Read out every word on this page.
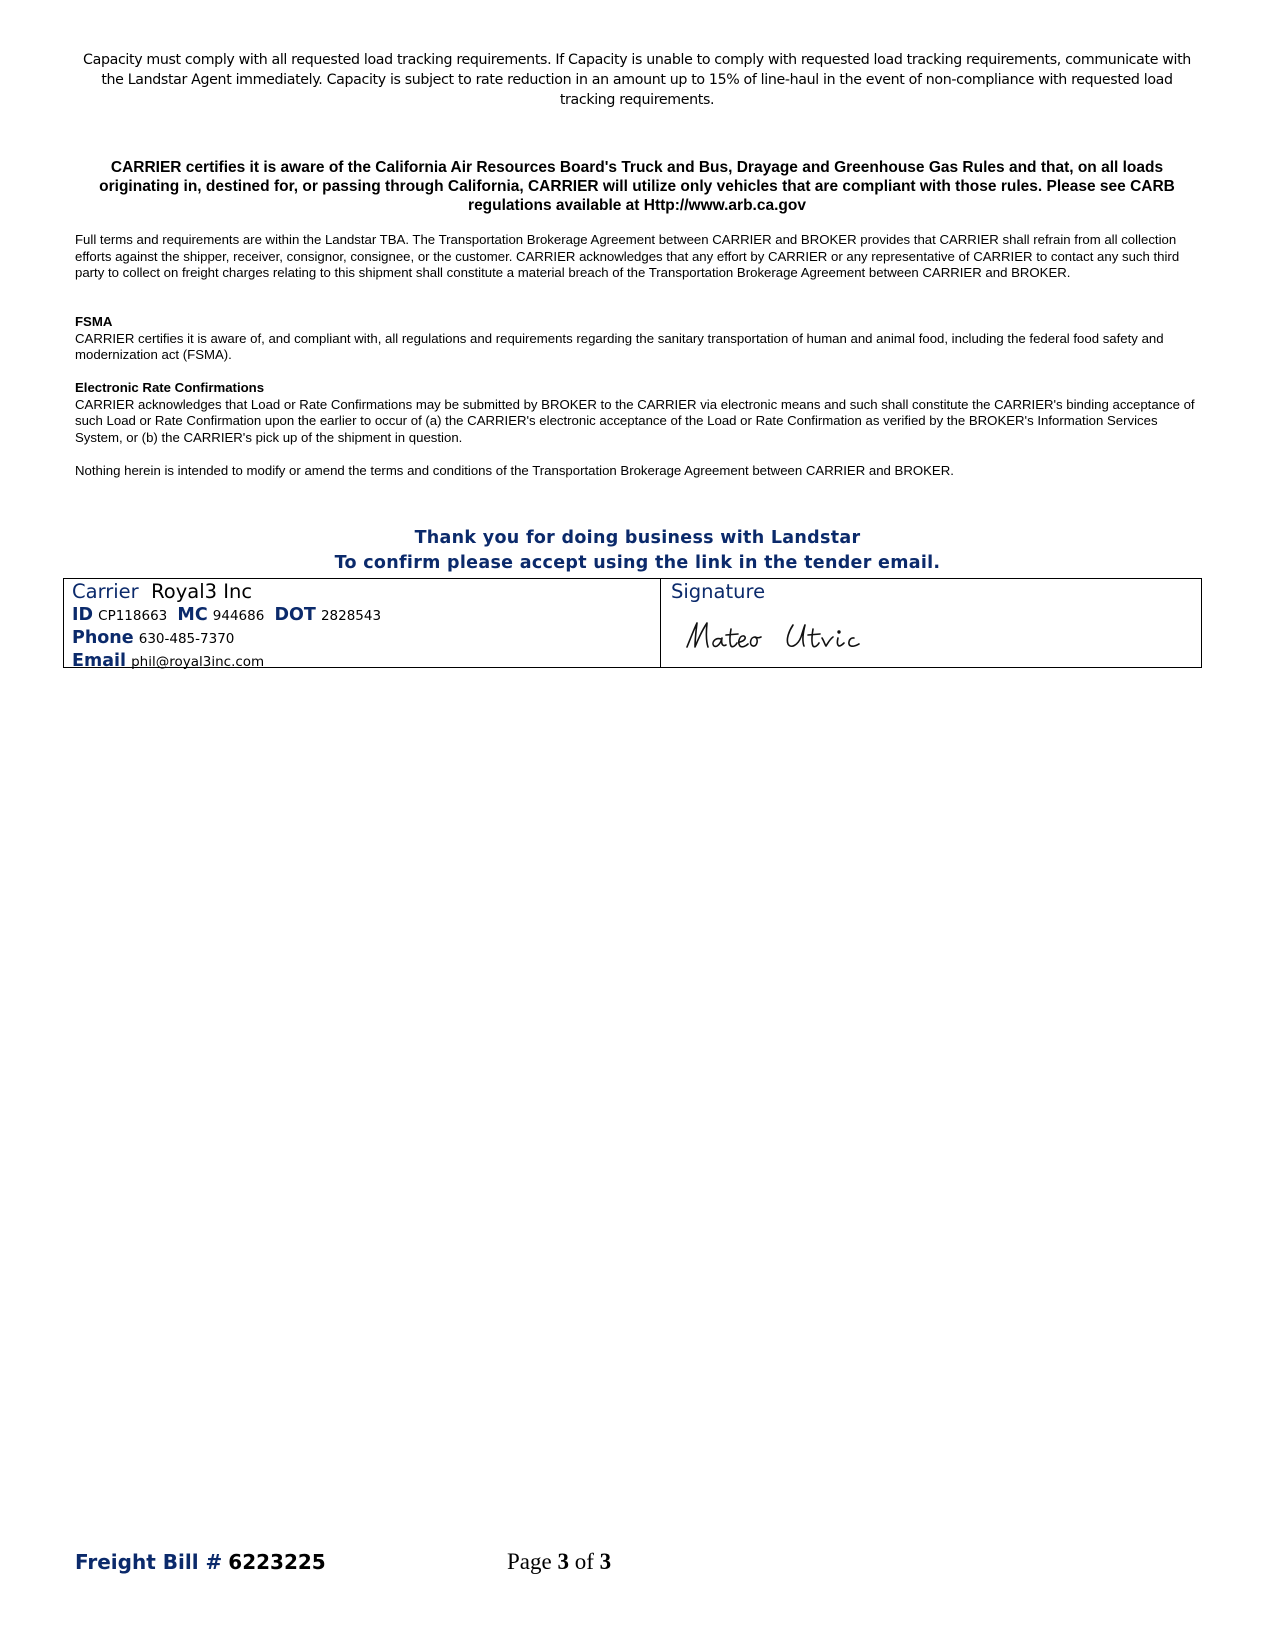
Capacity must comply with all requested load tracking requirements. If Capacity is unable to comply with requested load tracking requirements, communicate with the Landstar Agent immediately. Capacity is subject to rate reduction in an amount up to 15% of line-haul in the event of non-compliance with requested load tracking requirements.
CARRIER certifies it is aware of the California Air Resources Board's Truck and Bus, Drayage and Greenhouse Gas Rules and that, on all loads originating in, destined for, or passing through California, CARRIER will utilize only vehicles that are compliant with those rules. Please see CARB regulations available at Http://www.arb.ca.gov
Full terms and requirements are within the Landstar TBA. The Transportation Brokerage Agreement between CARRIER and BROKER provides that CARRIER shall refrain from all collection efforts against the shipper, receiver, consignor, consignee, or the customer. CARRIER acknowledges that any effort by CARRIER or any representative of CARRIER to contact any such third party to collect on freight charges relating to this shipment shall constitute a material breach of the Transportation Brokerage Agreement between CARRIER and BROKER.
FSMA
CARRIER certifies it is aware of, and compliant with, all regulations and requirements regarding the sanitary transportation of human and animal food, including the federal food safety and modernization act (FSMA).
Electronic Rate Confirmations
CARRIER acknowledges that Load or Rate Confirmations may be submitted by BROKER to the CARRIER via electronic means and such shall constitute the CARRIER's binding acceptance of such Load or Rate Confirmation upon the earlier to occur of (a) the CARRIER's electronic acceptance of the Load or Rate Confirmation as verified by the BROKER's Information Services System, or (b) the CARRIER's pick up of the shipment in question.
Nothing herein is intended to modify or amend the terms and conditions of the Transportation Brokerage Agreement between CARRIER and BROKER.
Thank you for doing business with Landstar
To confirm please accept using the link in the tender email.
Carrier Royal3 Inc
ID CP118663 MC 944686 DOT 2828543
Phone 630-485-7370
Email phil@royal3inc.com
Signature
Freight Bill # 6223225	Page 3 of 3
